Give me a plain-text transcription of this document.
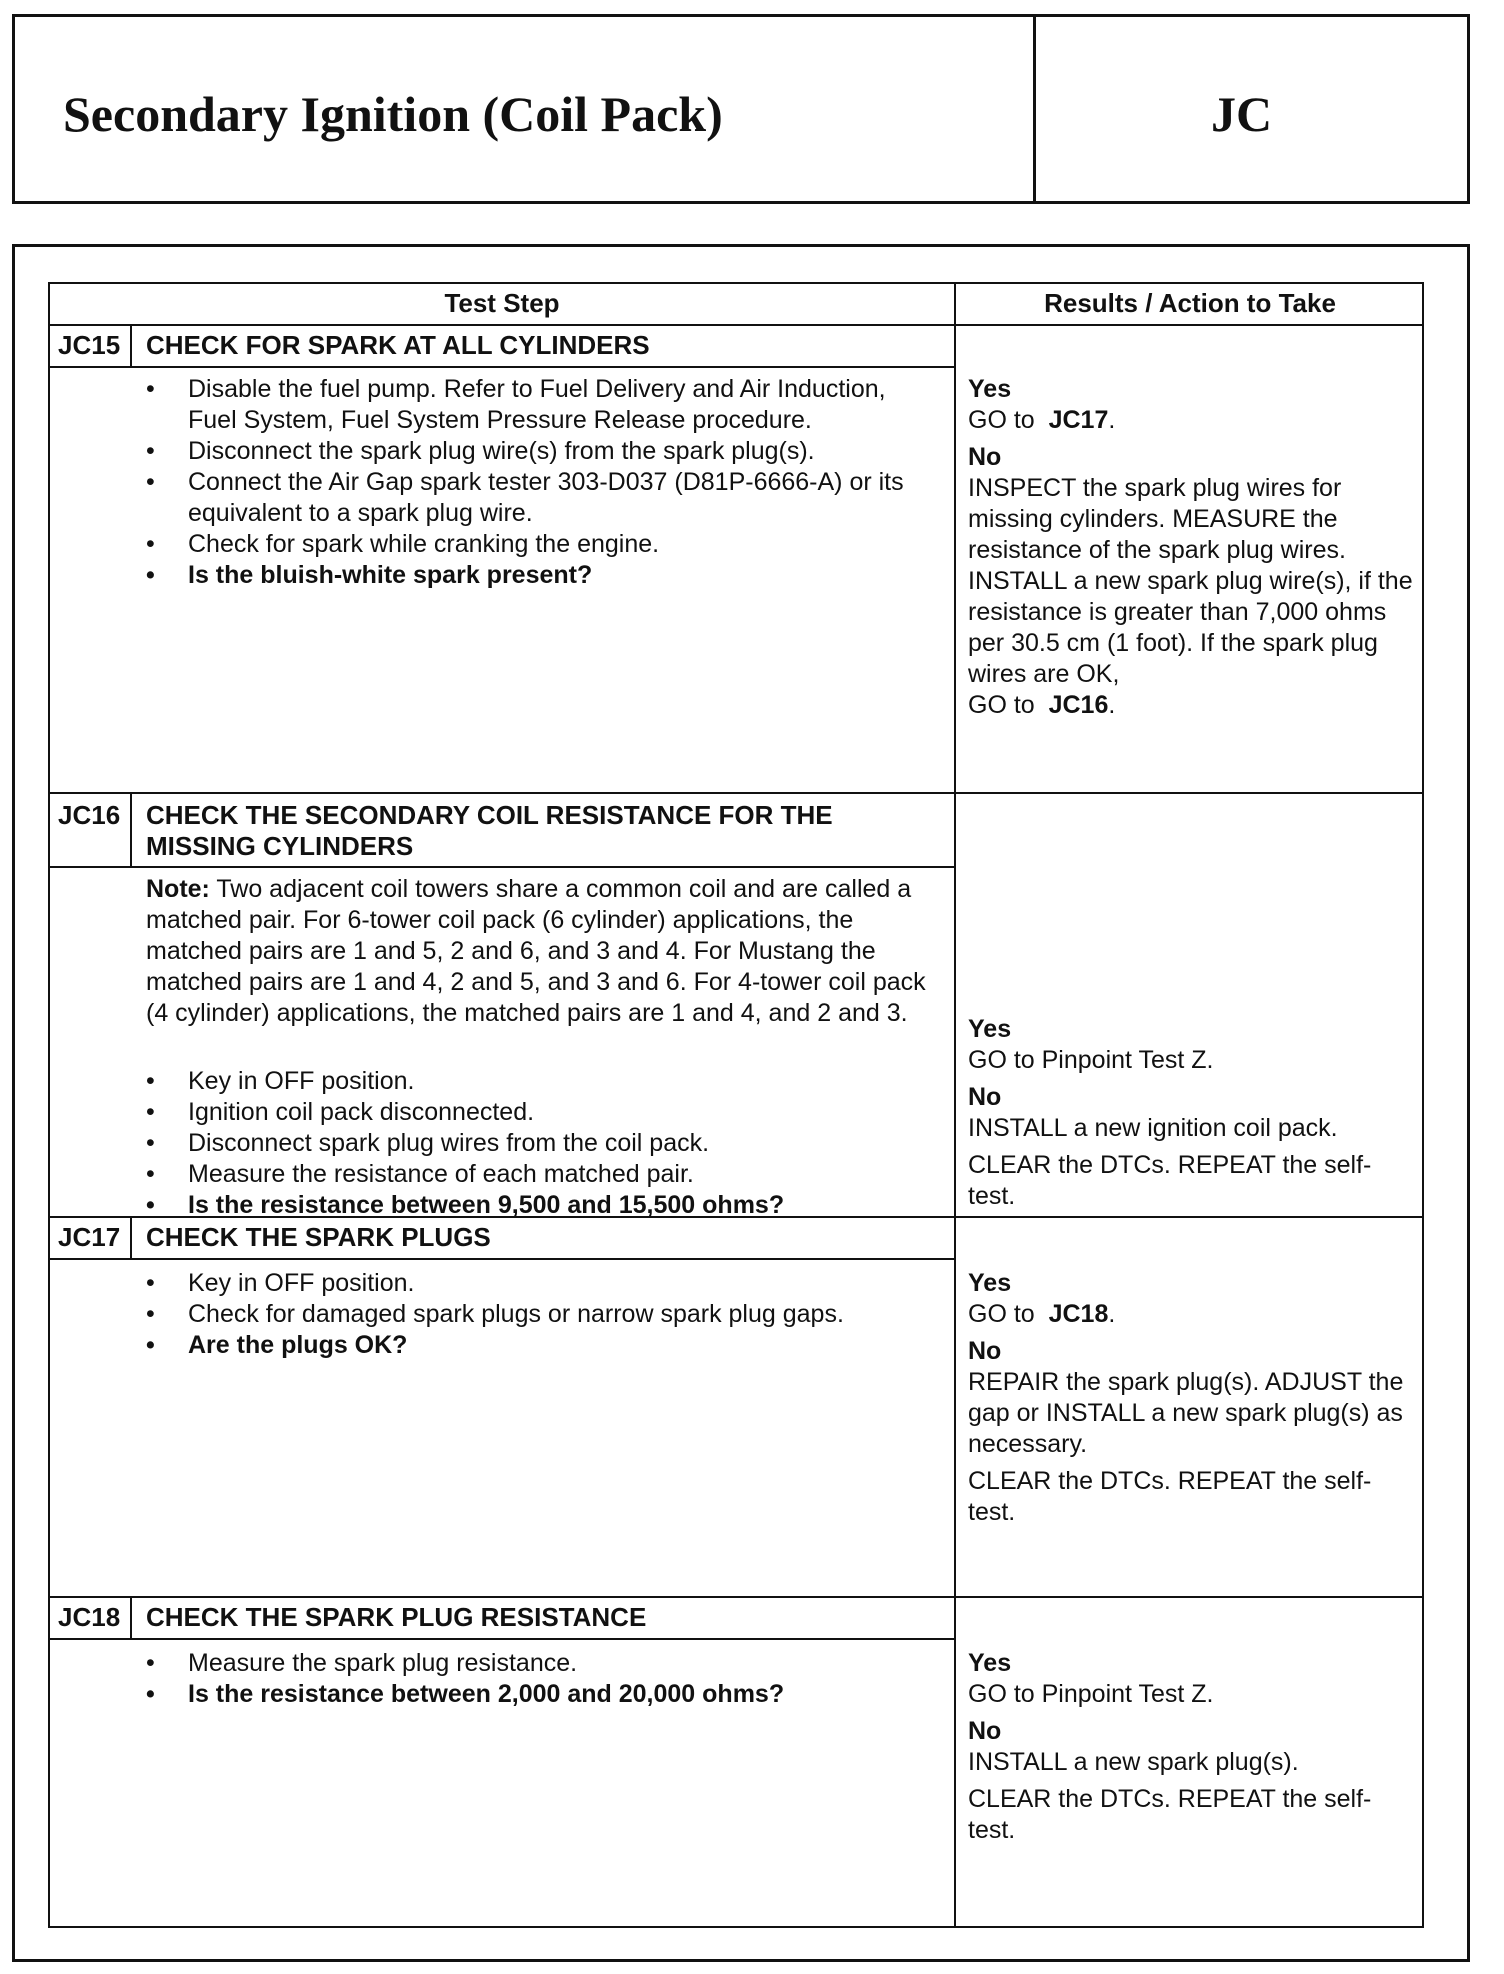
Secondary Ignition (Coil Pack)	JC
Test Step	Results / Action to Take
JC15 CHECK FOR SPARK AT ALL CYLINDERS
• Disable the fuel pump. Refer to Fuel Delivery and Air Induction, Fuel System, Fuel System Pressure Release procedure.
• Disconnect the spark plug wire(s) from the spark plug(s).
• Connect the Air Gap spark tester 303-D037 (D81P-6666-A) or its equivalent to a spark plug wire.
• Check for spark while cranking the engine.
• Is the bluish-white spark present?
Yes
GO to JC17.
No
INSPECT the spark plug wires for missing cylinders. MEASURE the resistance of the spark plug wires. INSTALL a new spark plug wire(s), if the resistance is greater than 7,000 ohms per 30.5 cm (1 foot). If the spark plug wires are OK,
GO to JC16.
JC16 CHECK THE SECONDARY COIL RESISTANCE FOR THE MISSING CYLINDERS
Note: Two adjacent coil towers share a common coil and are called a matched pair. For 6-tower coil pack (6 cylinder) applications, the matched pairs are 1 and 5, 2 and 6, and 3 and 4. For Mustang the matched pairs are 1 and 4, 2 and 5, and 3 and 6. For 4-tower coil pack (4 cylinder) applications, the matched pairs are 1 and 4, and 2 and 3.
• Key in OFF position.
• Ignition coil pack disconnected.
• Disconnect spark plug wires from the coil pack.
• Measure the resistance of each matched pair.
• Is the resistance between 9,500 and 15,500 ohms?
Yes
GO to Pinpoint Test Z.
No
INSTALL a new ignition coil pack.
CLEAR the DTCs. REPEAT the self-test.
JC17 CHECK THE SPARK PLUGS
• Key in OFF position.
• Check for damaged spark plugs or narrow spark plug gaps.
• Are the plugs OK?
Yes
GO to JC18.
No
REPAIR the spark plug(s). ADJUST the gap or INSTALL a new spark plug(s) as necessary.
CLEAR the DTCs. REPEAT the self-test.
JC18 CHECK THE SPARK PLUG RESISTANCE
• Measure the spark plug resistance.
• Is the resistance between 2,000 and 20,000 ohms?
Yes
GO to Pinpoint Test Z.
No
INSTALL a new spark plug(s).
CLEAR the DTCs. REPEAT the self-test.
